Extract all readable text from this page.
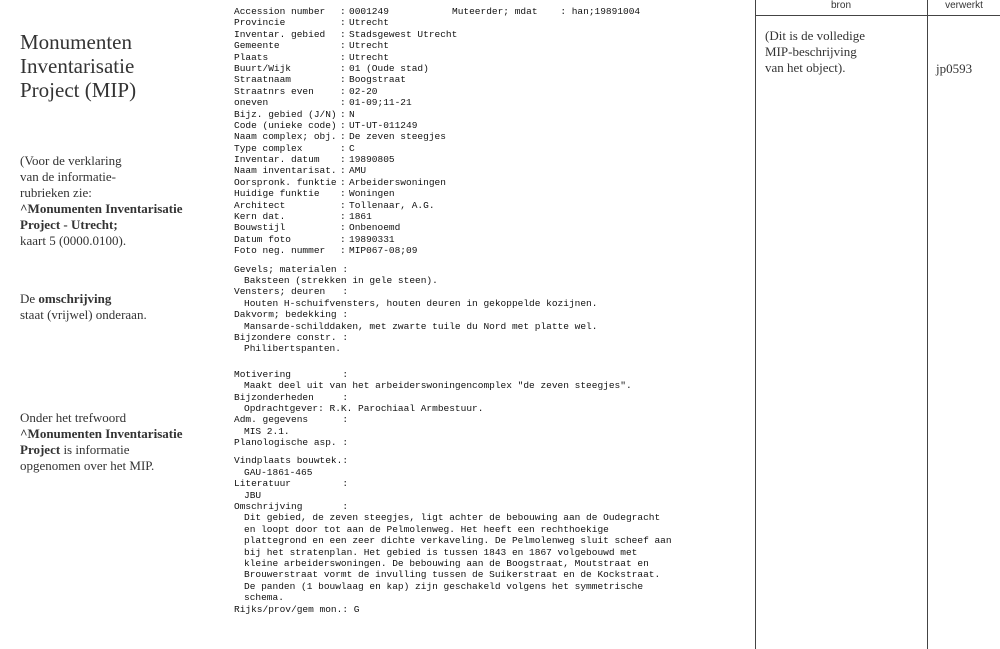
Monumenten
Inventarisatie
Project (MIP)
(Voor de verklaring
van de informatie-
rubrieken zie:
^Monumenten Inventarisatie
Project - Utrecht;
kaart 5 (0000.0100).
De omschrijving
staat (vrijwel) onderaan.
Onder het trefwoord
^Monumenten Inventarisatie
Project is informatie
opgenomen over het MIP.
Muteerder; mdat    : han;19891004
Accession number : 0001249
Provincie	: Utrecht
Inventar. gebied : Stadsgewest Utrecht
Gemeente	: Utrecht
Plaats	: Utrecht
Buurt/Wijk	: 01 (Oude stad)
Straatnaam	: Boogstraat
Straatnrs even	: 02-20
oneven	: 01-09;11-21
Bijz. gebied (J/N) : N
Code (unieke code) : UT-UT-011249
Naam complex; obj. : De zeven steegjes
Type complex	: C
Inventar. datum : 19890805
Naam inventarisat. : AMU
Oorspronk. funktie : Arbeiderswoningen
Huidige funktie : Woningen
Architect	: Tollenaar, A.G.
Kern dat.	: 1861
Bouwstijl	: Onbenoemd
Datum foto	: 19890331
Foto neg. nummer : MIP067-08;09
Gevels; materialen :
Baksteen (strekken in gele steen).
Vensters; deuren   :
Houten H-schuifvensters, houten deuren in gekoppelde kozijnen.
Dakvorm; bedekking :
Mansarde-schilddaken, met zwarte tuile du Nord met platte wel.
Bijzondere constr. :
Philibertspanten.
Motivering         :
Maakt deel uit van het arbeiderswoningencomplex "de zeven steegjes".
Bijzonderheden     :
Opdrachtgever: R.K. Parochiaal Armbestuur.
Adm. gegevens      :
MIS 2.1.
Planologische asp. :
Vindplaats bouwtek.:
GAU-1861-465
Literatuur         :
JBU
Omschrijving       :
Dit gebied, de zeven steegjes, ligt achter de bebouwing aan de Oudegracht
en loopt door tot aan de Pelmolenweg. Het heeft een rechthoekige
plattegrond en een zeer dichte verkaveling. De Pelmolenweg sluit scheef aan
bij het stratenplan. Het gebied is tussen 1843 en 1867 volgebouwd met
kleine arbeiderswoningen. De bebouwing aan de Boogstraat, Moutstraat en
Brouwerstraat vormt de invulling tussen de Suikerstraat en de Kockstraat.
De panden (1 bouwlaag en kap) zijn geschakeld volgens het symmetrische
schema.
Rijks/prov/gem mon.: G
bron	verwerkt
(Dit is de volledige
MIP-beschrijving
van het object).	jp0593
